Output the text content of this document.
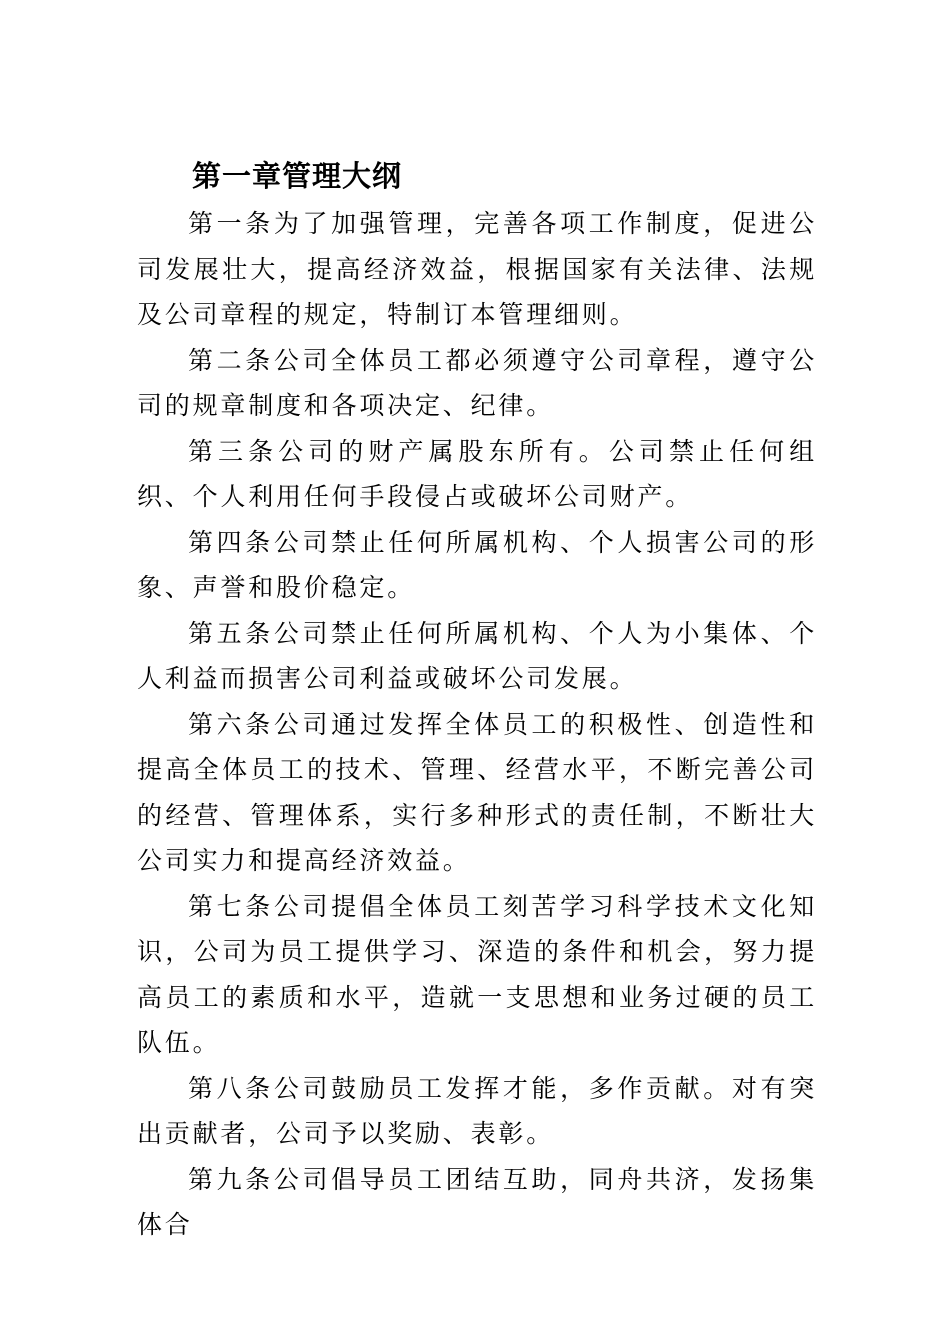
第一章管理大纲

第一条为了加强管理，完善各项工作制度，促进公司发展壮大，提高经济效益，根据国家有关法律、法规及公司章程的规定，特制订本管理细则。

第二条公司全体员工都必须遵守公司章程，遵守公司的规章制度和各项决定、纪律。

第三条公司的财产属股东所有。公司禁止任何组织、个人利用任何手段侵占或破坏公司财产。

第四条公司禁止任何所属机构、个人损害公司的形象、声誉和股价稳定。

第五条公司禁止任何所属机构、个人为小集体、个人利益而损害公司利益或破坏公司发展。

第六条公司通过发挥全体员工的积极性、创造性和提高全体员工的技术、管理、经营水平，不断完善公司的经营、管理体系，实行多种形式的责任制，不断壮大公司实力和提高经济效益。

第七条公司提倡全体员工刻苦学习科学技术文化知识，公司为员工提供学习、深造的条件和机会，努力提高员工的素质和水平，造就一支思想和业务过硬的员工队伍。

第八条公司鼓励员工发挥才能，多作贡献。对有突出贡献者，公司予以奖励、表彰。

第九条公司倡导员工团结互助，同舟共济，发扬集体合
